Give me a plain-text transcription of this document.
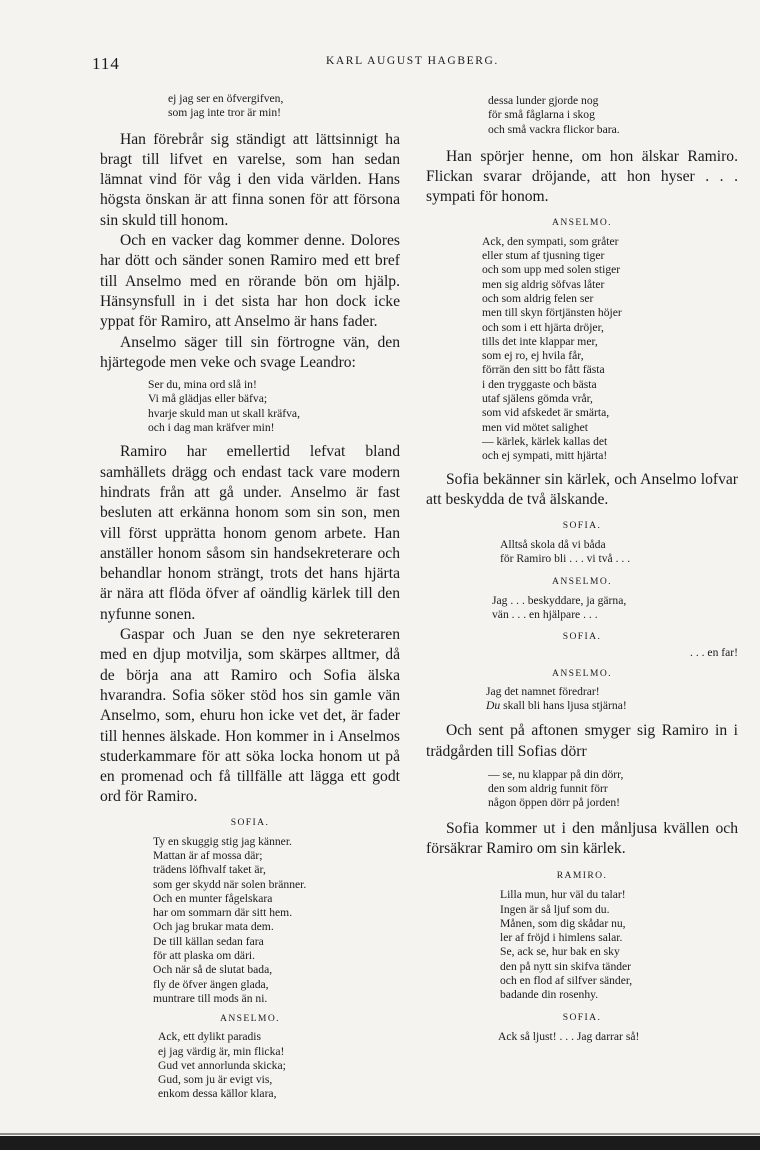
114	KARL AUGUST HAGBERG.
ej jag ser en öfvergifven,
som jag inte tror är min!

Han förebrår sig ständigt att lättsinnigt ha bragt till lifvet en varelse, som han sedan lämnat vind för våg i den vida världen. Hans högsta önskan är att finna sonen för att försona sin skuld till honom.

Och en vacker dag kommer denne. Dolores har dött och sänder sonen Ramiro med ett bref till Anselmo med en rörande bön om hjälp. Hänsynsfull in i det sista har hon dock icke yppat för Ramiro, att Anselmo är hans fader.

Anselmo säger till sin förtrogne vän, den hjärtegode men veke och svage Leandro:

Ser du, mina ord slå in!
Vi må glädjas eller bäfva;
hvarje skuld man ut skall kräfva,
och i dag man kräfver min!

Ramiro har emellertid lefvat bland samhällets drägg och endast tack vare modern hindrats från att gå under. Anselmo är fast besluten att erkänna honom som sin son, men vill först upprätta honom genom arbete. Han anställer honom såsom sin handsekreterare och behandlar honom strängt, trots det hans hjärta är nära att flöda öfver af oändlig kärlek till den nyfunne sonen.

Gaspar och Juan se den nye sekreteraren med en djup motvilja, som skärpes alltmer, då de börja ana att Ramiro och Sofia älska hvarandra. Sofia söker stöd hos sin gamle vän Anselmo, som, ehuru hon icke vet det, är fader till hennes älskade. Hon kommer in i Anselmos studerkammare för att söka locka honom ut på en promenad och få tillfälle att lägga ett godt ord för Ramiro.

SOFIA.
Ty en skuggig stig jag känner.
Mattan är af mossa där;
trädens löfhvalf taket är,
som ger skydd när solen bränner.
Och en munter fågelskara
har om sommarn där sitt hem.
Och jag brukar mata dem.
De till källan sedan fara
för att plaska om däri.
Och när så de slutat bada,
fly de öfver ängen glada,
muntrare till mods än ni.
ANSELMO.
Ack, ett dylikt paradis
ej jag värdig är, min flicka!
Gud vet annorlunda skicka;
Gud, som ju är evigt vis,
enkom dessa källor klara,
dessa lunder gjorde nog
för små fåglarna i skog
och små vackra flickor bara.

Han spörjer henne, om hon älskar Ramiro. Flickan svarar dröjande, att hon hyser . . . sympati för honom.

ANSELMO.
Ack, den sympati, som gråter
eller stum af tjusning tiger
och som upp med solen stiger
men sig aldrig söfvas låter
och som aldrig felen ser
men till skyn förtjänsten höjer
och som i ett hjärta dröjer,
tills det inte klappar mer,
som ej ro, ej hvila får,
förrän den sitt bo fått fästa
i den tryggaste och bästa
utaf själens gömda vrår,
som vid afskedet är smärta,
men vid mötet salighet
— kärlek, kärlek kallas det
och ej sympati, mitt hjärta!

Sofia bekänner sin kärlek, och Anselmo lofvar att beskydda de två älskande.

SOFIA.
Alltså skola då vi båda
för Ramiro bli . . . vi två . . .
ANSELMO.
Jag . . . beskyddare, ja gärna,
vän . . . en hjälpare . . .
SOFIA.
. . . en far!
ANSELMO.
Jag det namnet föredrar!
Du skall bli hans ljusa stjärna!

Och sent på aftonen smyger sig Ramiro in i trädgården till Sofias dörr

— se, nu klappar på din dörr,
den som aldrig funnit förr
någon öppen dörr på jorden!

Sofia kommer ut i den månljusa kvällen och försäkrar Ramiro om sin kärlek.

RAMIRO.
Lilla mun, hur väl du talar!
Ingen är så ljuf som du.
Månen, som dig skådar nu,
ler af fröjd i himlens salar.
Se, ack se, hur bak en sky
den på nytt sin skifva tänder
och en flod af silfver sänder,
badande din rosenhy.
SOFIA.
Ack så ljust! . . . Jag darrar så!
